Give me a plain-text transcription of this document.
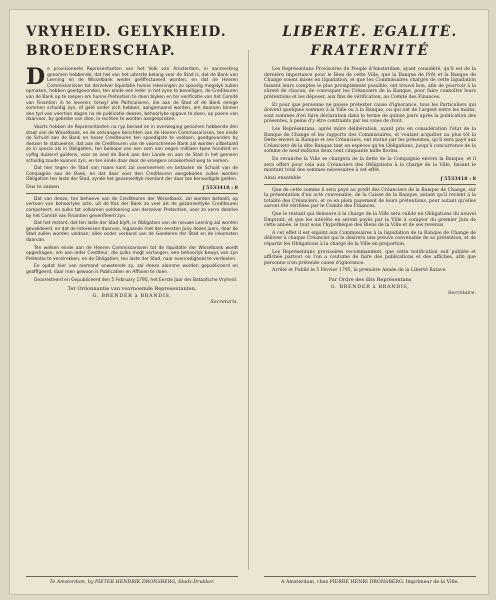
VRYHEID. GELYKHEID.
BROEDERSCHAP.

De provisioneele Representanten van het Volk van Amsterdam, in aanmerking genomen hebbende, dat het van het uiterste belang voor de Stad is, dat de Bank van Leening en de Wisselbank weder geëffectueerd worden, en dat de Heeren Commissarissen tot derzelver liquidatie hunne rekeningen zo spoedig mogelyk zullen opmaken, hebben goedgevonden, ten einde een ieder in het zyne te beveiligen, de Crediteuren van de Bank op te roepen om hunne Pretentien te doen blyken en ter verificatie van het Comité van Finantien in te leveren; terwyl alle Particulieren, die aan de Stad of de Bank eenige sommen schuldig zyn, of geld onder zich hebben, aangemaand worden, om daarvan binnen den tyd van veertien dagen na de publicatie deezes, behoorlyke opgave te doen, op poene van daarvoor, by gebreke van dien, in rechten te worden aangesproken.

Voorts hebben de Representanten na ryp beraad en in overweging genomen hebbende den staat van de Wisselbank, en de ontvangen berichten van de Heeren Commissarissen, ten einde de Schuld aan de Bank en haare Crediteuren ten spoedigste te voldoen, goedgevonden by deezen te statueeren, dat aan de Crediteuren van de voorschreeve Bank zal worden uitbetaald zo in specie als in Obligatien, ten beloope van een som van negen millioen twee honderd en vyftig duizend guldens, voor zo veel de Bank aan den Lande en aan de Stad in het gemeen schuldig zoude kunnen zyn, en ten einde daar door de vroegere onzekerheid weg te nemen.

Dat hier tegen de Stad van haare kant zal overneemen en betaalen de Schuld van de Compagnie aan de Bank, en dat daar voor den Crediteuren aangeboden zullen worden Obligatien ten laste der Stad, zynde het gezamentlyk montant der daar toe benoodigde gelden.

Dus te zamen	ƒ 5533418 : 8

Dat van deeze, ten behoeve van de Crediteuren der Wisselbank, zal worden betaald, op vertoon van behoorlyke acte, uit de Kas der Bank zo veel als de gezamentlyke Crediteuren competeert, en zulks tot volkomen voldoening van derzelver Pretentien, voor zo verre dezelve by het Comité van Finantien geverifieerd zyn.

Dat het restant, dat ten laste der Stad blyft, in Obligatien van de nieuwe Leening zal worden gevalideerd, en dat de Interessen daarvan, ingaande met den eersten Juny dezes jaars, door de Stad zullen worden voldaan; alles onder verband van de Goederen der Stad en de inkomsten daarvan.

Ten welken einde aan de Heeren Commissarissen tot de liquidatie der Wisselbank wordt opgedragen, om aan ieder Crediteur, die zulks mogt verlangen, een behoorlyk bewys van zyn Pretentie te verstrekken, en de Obligatien, ten laste der Stad, naar evenredigheid te verdeelen.

En opdat hier van niemand onwetende zy, zal deeze alomme worden gepubliceerd en geaffigeerd, daar men gewoon is Publicatien en Affixien te doen.

Gearresteerd en Gepubliceerd den 5 February 1795, het Eerste Jaar der Bataafsche Vryheid.

Ter Ordonnantie van voornoemde Representanten,
G. BRENDER à BRANDIS,
Secretaris.
Te Amsterdam, by PIETER HENDRIK DRONSBERG, Stads-Drukker.
LIBERTÉ. EGALITÉ.
FRATERNITÉ

Les Représentans Provisoires du Peuple d'Amsterdam, ayant considéré, qu'il est de la dernière importance pour le Bien de cette Ville, que la Banque de Prêt et la Banque de Change soient mises en liquidation, et que les Commissaires chargés de cette liquidation fassent leurs comptes le plus promptement possible, ont trouvé bon, afin de pourvoir à la sûreté de chacun, de convoquer les Créanciers de la Banque, pour faire connoître leurs prétentions et les déposer, aux fins de vérification, au Comité des Finances.

Et pour que personne ne puisse prétexter cause d'ignorance, tous les Particuliers qui doivent quelques sommes à la Ville ou à la Banque, ou qui ont de l'argent entre les mains, sont sommés d'en faire déclaration dans le terme de quinze jours après la publication des présentes, à peine d'y être contraints par les voies de droit.

Les Représentans, après mûre délibération, ayant pris en considération l'état de la Banque de Change et les rapports des Commissaires, et voulant acquitter au plus tôt la Dette envers la Banque et ses Créanciers, ont statué par les présentes, qu'il sera payé aux Créanciers de la dite Banque tant en espèces qu'en Obligations, jusqu'à concurrence de la somme de neuf millions deux cent cinquante mille florins.

En revanche la Ville se chargera de la dette de la Compagnie envers la Banque, et il sera offert pour cela aux Créanciers des Obligations à la charge de la Ville, faisant le montant total des sommes nécessaires à cet effet.

Ainsi ensemble	ƒ 5533418 : 8

Que de cette somme il sera payé au profit des Créanciers de la Banque de Change, sur la présentation d'un acte convenable, de la Caisse de la Banque, autant qu'il revient à la totalité des Créanciers, et ce en plein payement de leurs prétentions, pour autant qu'elles auront été vérifiées par le Comité des Finances.

Que le restant qui demeure à la charge de la Ville sera validé en Obligations du nouvel Emprunt, et que les intérêts en seront payés par la Ville à compter du premier Juin de cette année, le tout sous l'hypothèque des Biens de la Ville et de ses revenus.

A cet effet il est enjoint aux Commissaires à la liquidation de la Banque de Change de délivrer à chaque Créancier qui le désirera une preuve convenable de sa prétention, et de répartir les Obligations à la charge de la Ville en proportion.

Les Représentans provisoires recommandent, que cette notification soit publiée et affichée partout où l'on a coutume de faire des publications et des affiches, afin que personne n'en prétende cause d'ignorance.

Arrêté et Publié le 5 Février 1795, la première Année de la Liberté Batave.

Par Ordre des dits Représentans
G. BRENDER à BRANDIS,
Secrétaire.
A Amsterdam, chez PIERRE HENRI DRONSBERG, Imprimeur de la Ville.
